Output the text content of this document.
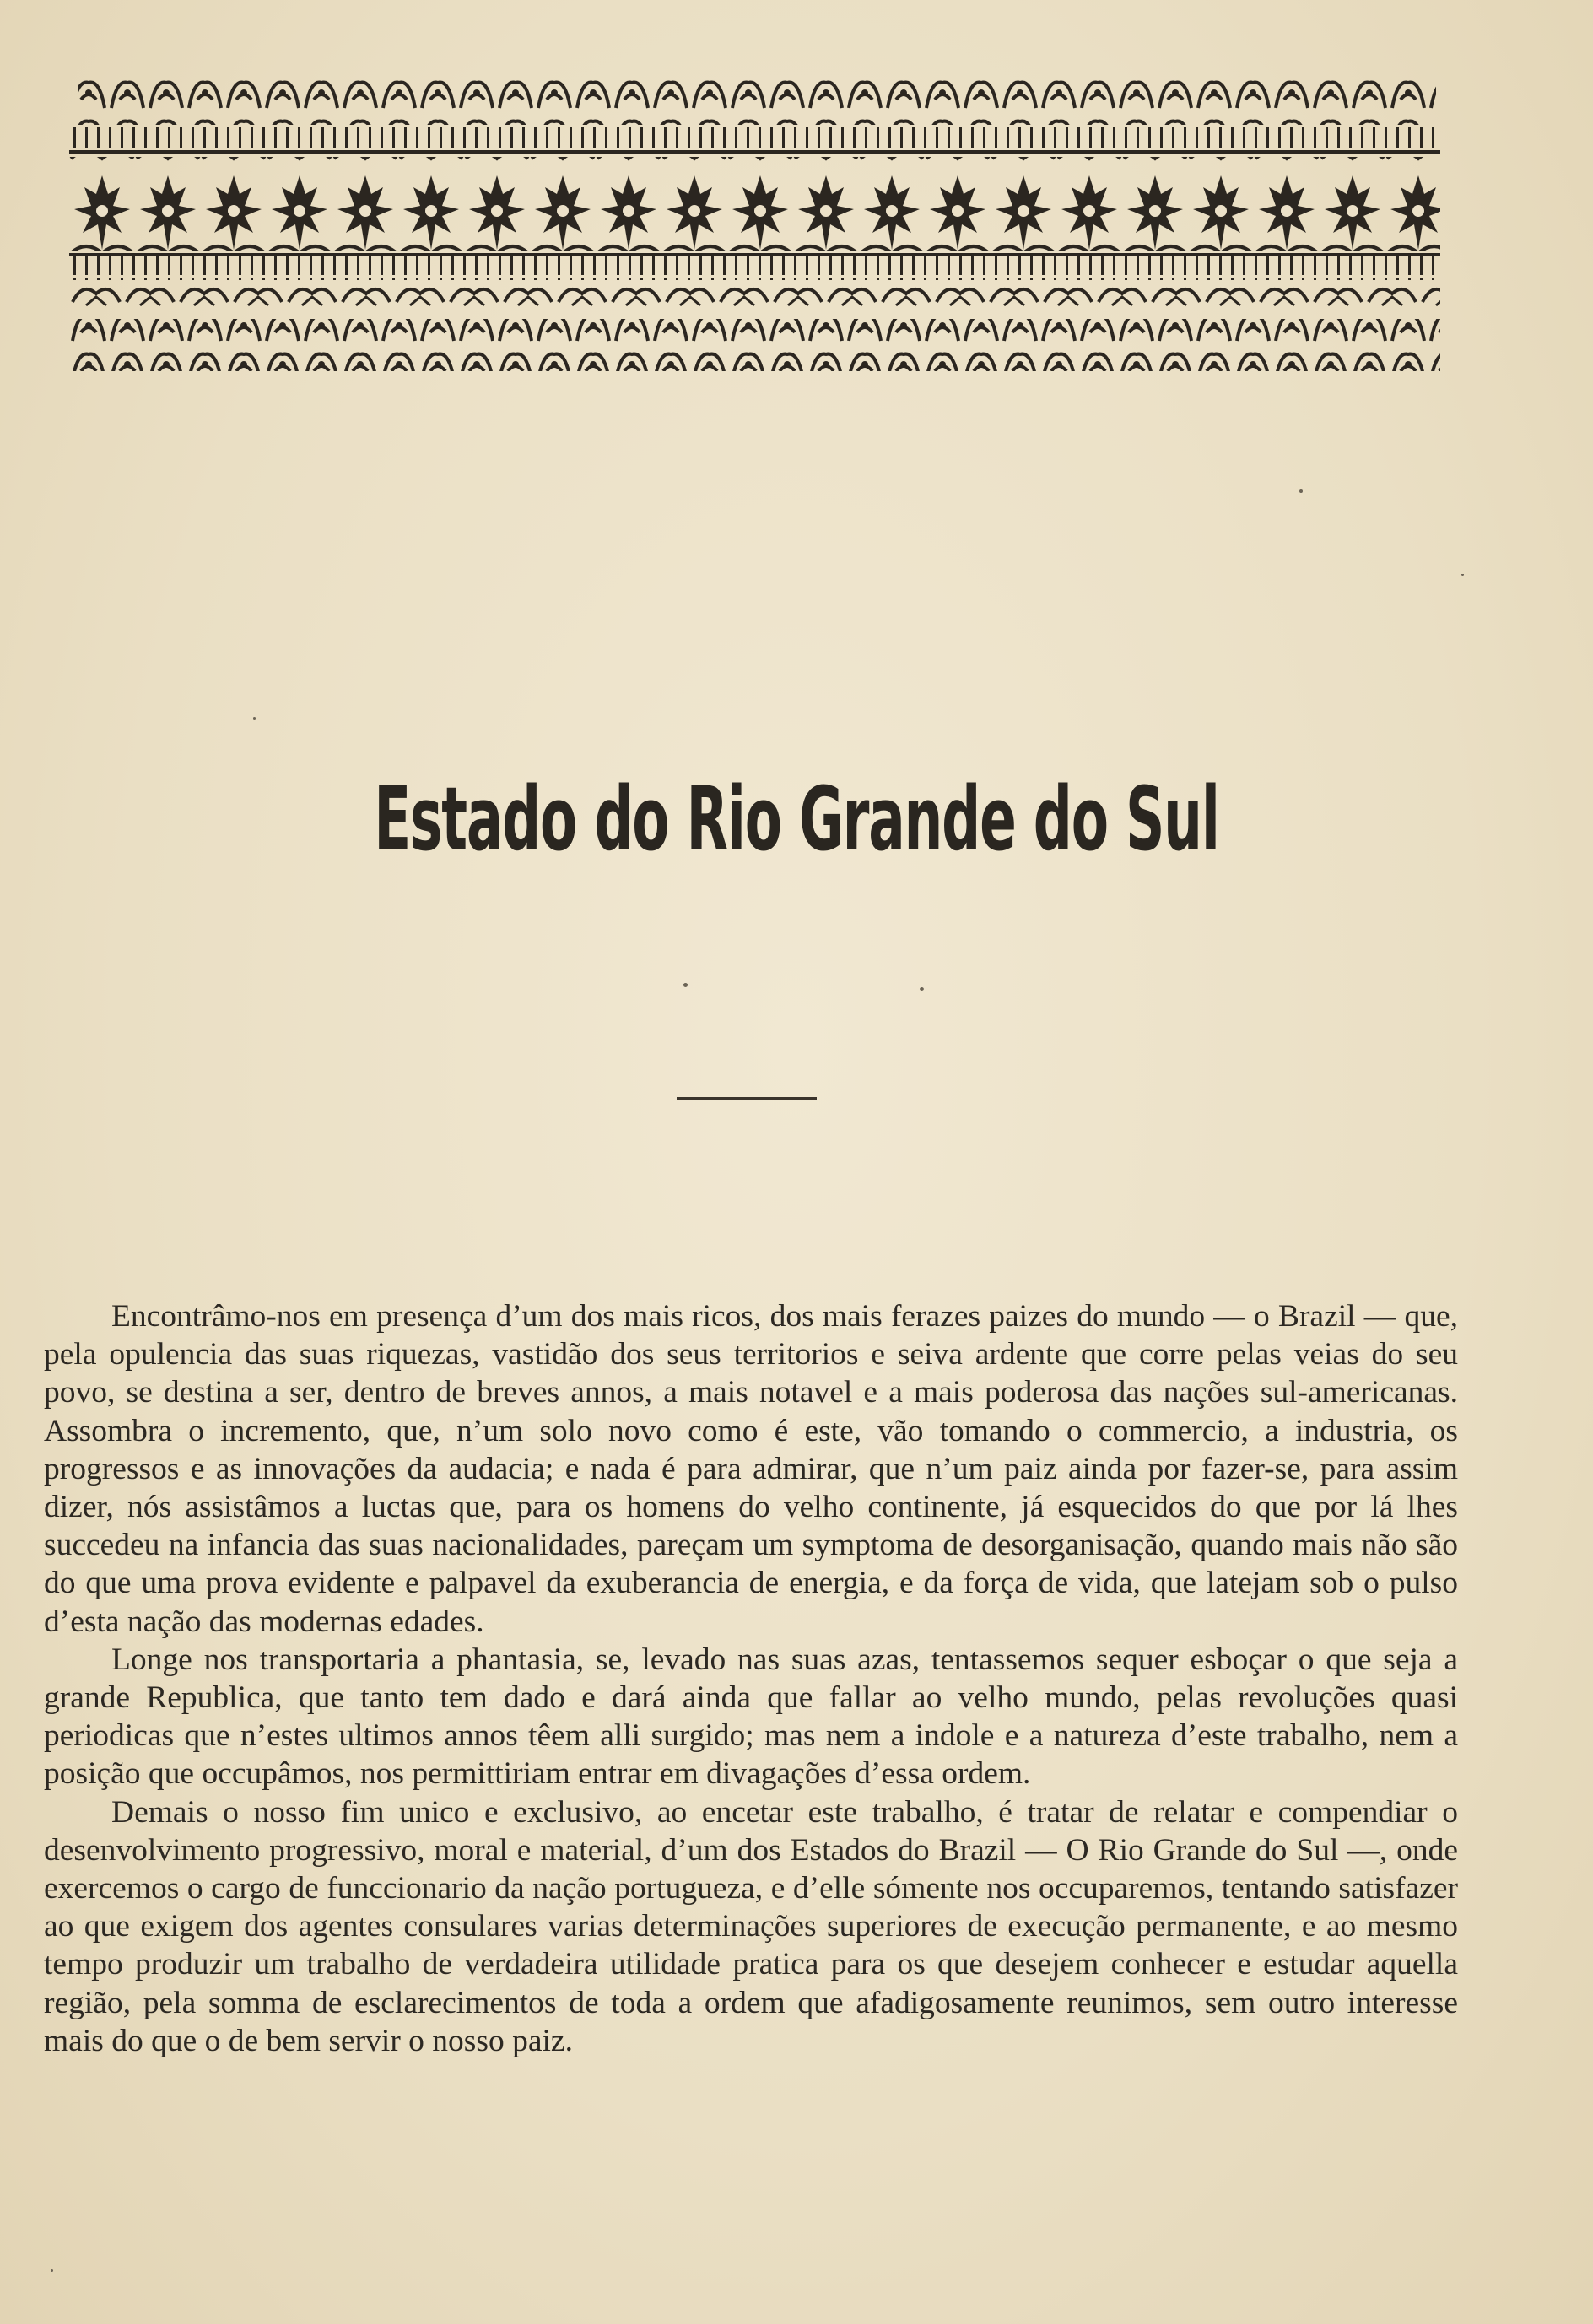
Estado do Rio Grande do Sul

Encontrâmo-nos em presença d’um dos mais ricos, dos mais ferazes paizes do mundo — o Brazil — que, pela opulencia das suas riquezas, vastidão dos seus territorios e seiva ardente que corre pelas veias do seu povo, se destina a ser, dentro de breves annos, a mais notavel e a mais poderosa das nações sul-americanas. Assombra o incremento, que, n’um solo novo como é este, vão tomando o commercio, a industria, os progressos e as innovações da audacia; e nada é para admirar, que n’um paiz ainda por fazer-se, para assim dizer, nós assistâmos a luctas que, para os homens do velho continente, já esquecidos do que por lá lhes succedeu na infancia das suas nacionalidades, pareçam um symptoma de desorganisação, quando mais não são do que uma prova evidente e palpavel da exuberancia de energia, e da força de vida, que latejam sob o pulso d’esta nação das modernas edades.

Longe nos transportaria a phantasia, se, levado nas suas azas, tentassemos sequer esboçar o que seja a grande Republica, que tanto tem dado e dará ainda que fallar ao velho mundo, pelas revoluções quasi periodicas que n’estes ultimos annos têem alli surgido; mas nem a indole e a natureza d’este trabalho, nem a posição que occupâmos, nos permittiriam entrar em divagações d’essa ordem.

Demais o nosso fim unico e exclusivo, ao encetar este trabalho, é tratar de relatar e compendiar o desenvolvimento progressivo, moral e material, d’um dos Estados do Brazil — O Rio Grande do Sul —, onde exercemos o cargo de funccionario da nação portugueza, e d’elle sómente nos occuparemos, tentando satisfazer ao que exigem dos agentes consulares varias determinações superiores de execução permanente, e ao mesmo tempo produzir um trabalho de verdadeira utilidade pratica para os que desejem conhecer e estudar aquella região, pela somma de esclarecimentos de toda a ordem que afadigosamente reunimos, sem outro interesse mais do que o de bem servir o nosso paiz.
